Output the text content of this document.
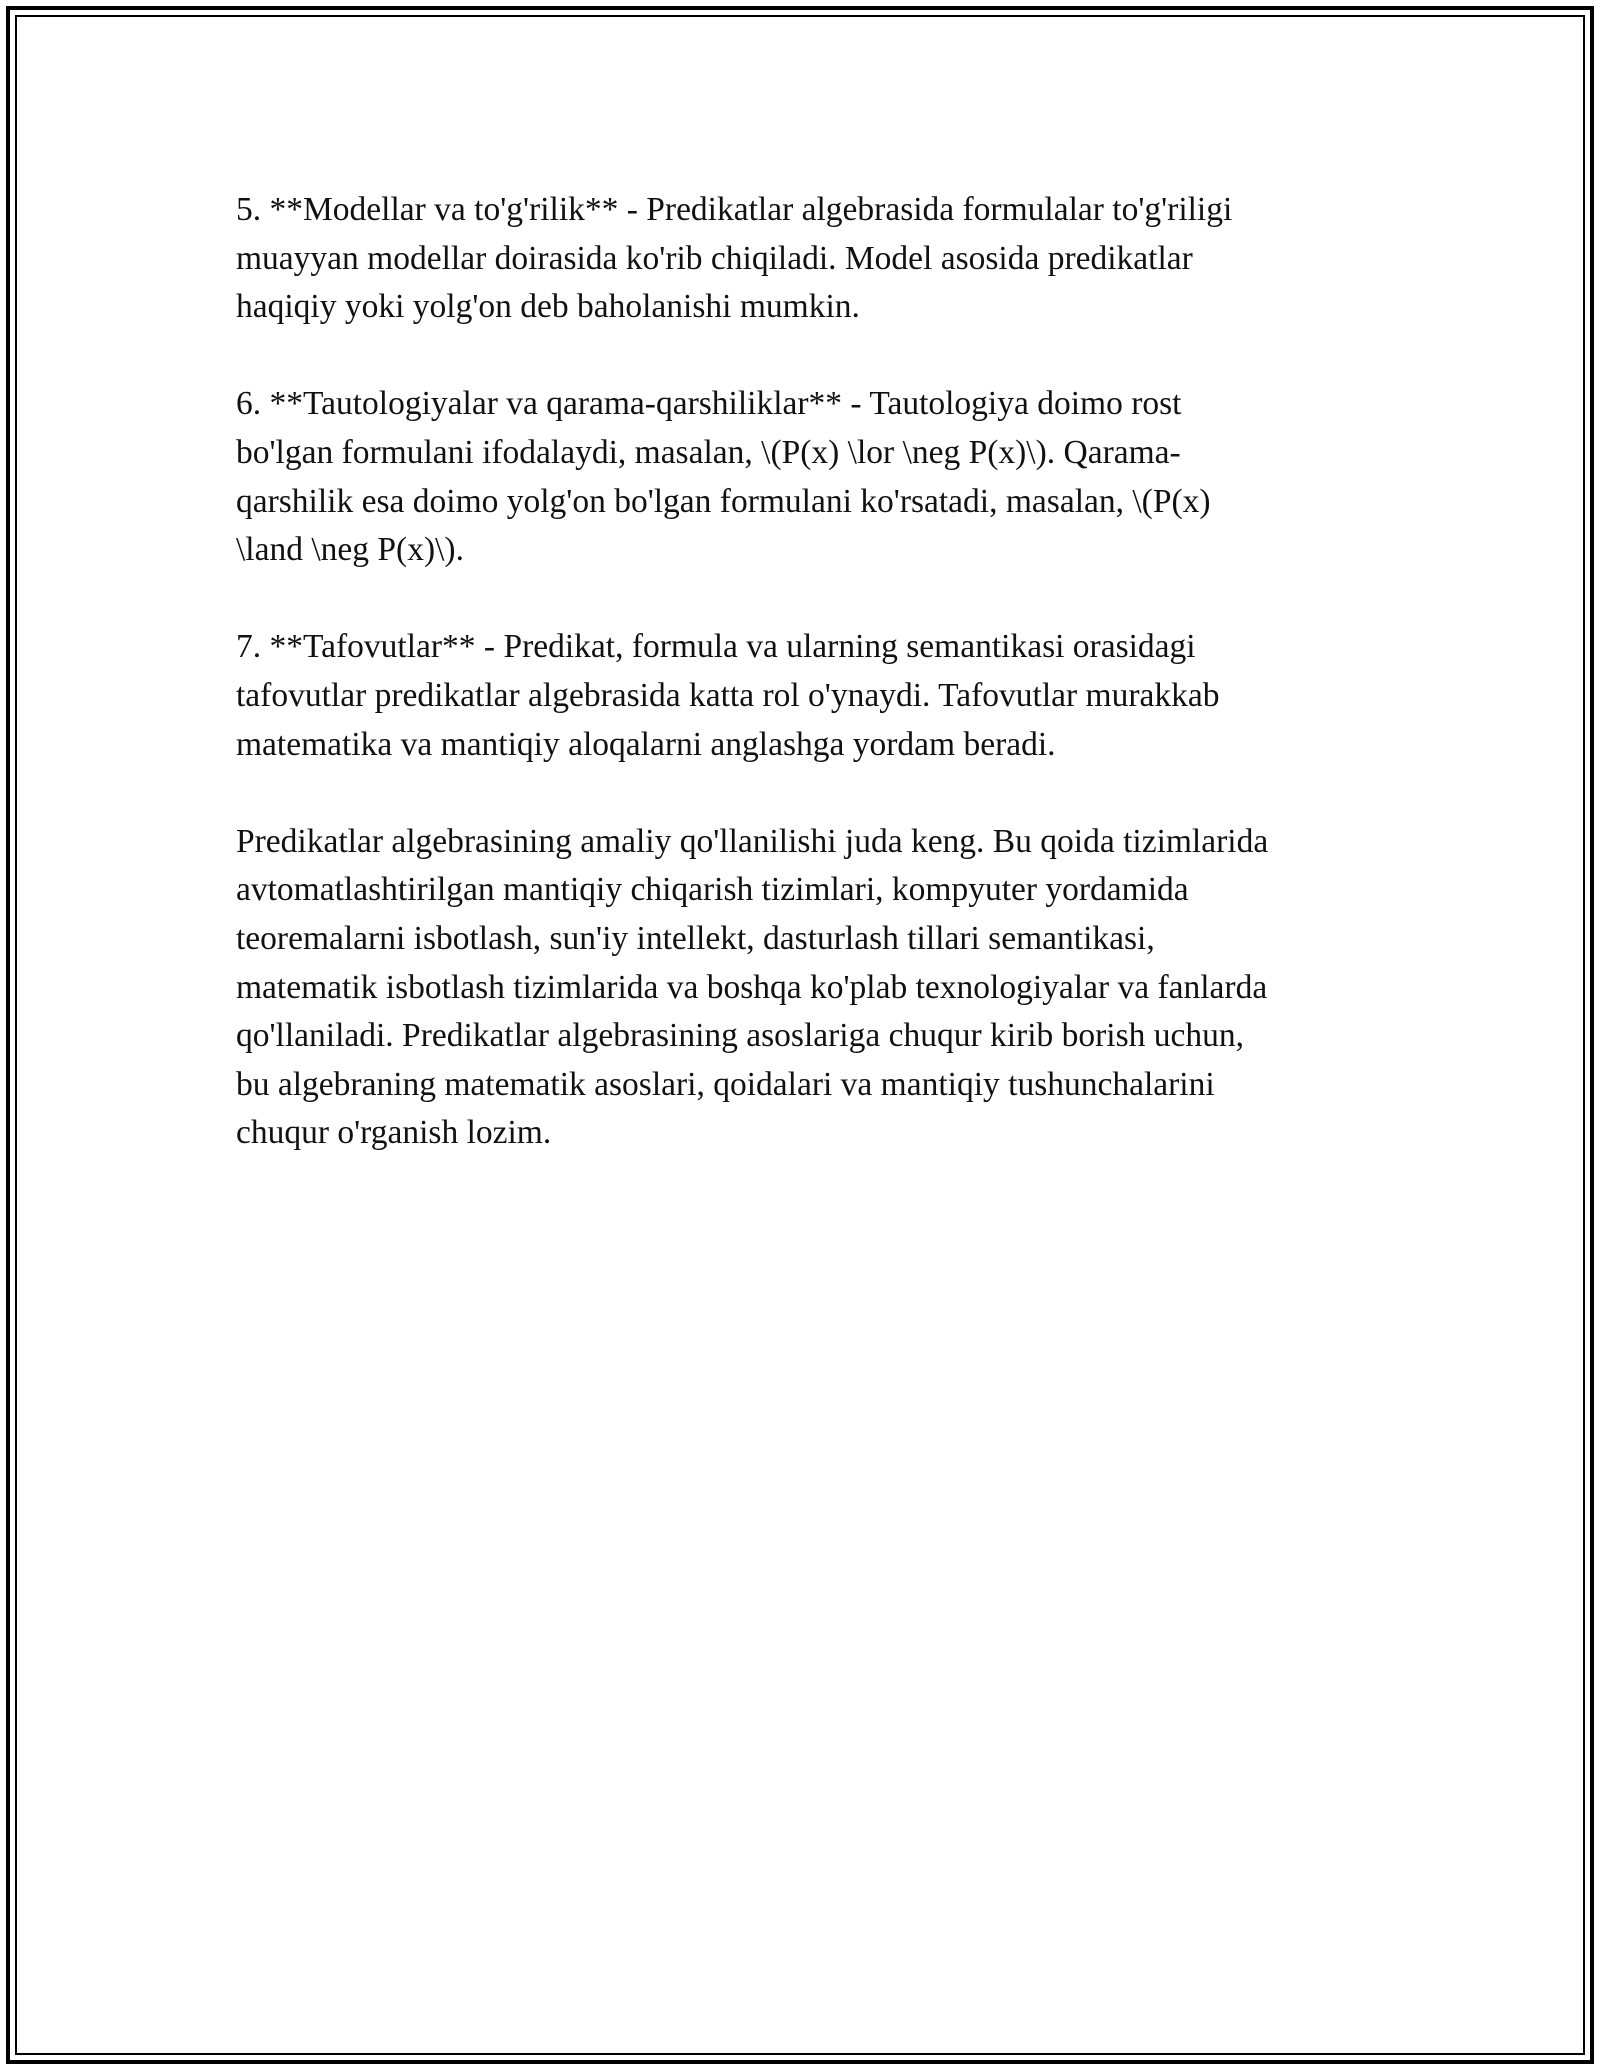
5. **Modellar va to'g'rilik** - Predikatlar algebrasida formulalar to'g'riligi
muayyan modellar doirasida ko'rib chiqiladi. Model asosida predikatlar
haqiqiy yoki yolg'on deb baholanishi mumkin.

6. **Tautologiyalar va qarama-qarshiliklar** - Tautologiya doimo rost
bo'lgan formulani ifodalaydi, masalan, \(P(x) \lor \neg P(x)\). Qarama-
qarshilik esa doimo yolg'on bo'lgan formulani ko'rsatadi, masalan, \(P(x)
\land \neg P(x)\).

7. **Tafovutlar** - Predikat, formula va ularning semantikasi orasidagi
tafovutlar predikatlar algebrasida katta rol o'ynaydi. Tafovutlar murakkab
matematika va mantiqiy aloqalarni anglashga yordam beradi.

Predikatlar algebrasining amaliy qo'llanilishi juda keng. Bu qoida tizimlarida
avtomatlashtirilgan mantiqiy chiqarish tizimlari, kompyuter yordamida
teoremalarni isbotlash, sun'iy intellekt, dasturlash tillari semantikasi,
matematik isbotlash tizimlarida va boshqa ko'plab texnologiyalar va fanlarda
qo'llaniladi. Predikatlar algebrasining asoslariga chuqur kirib borish uchun,
bu algebraning matematik asoslari, qoidalari va mantiqiy tushunchalarini
chuqur o'rganish lozim.
